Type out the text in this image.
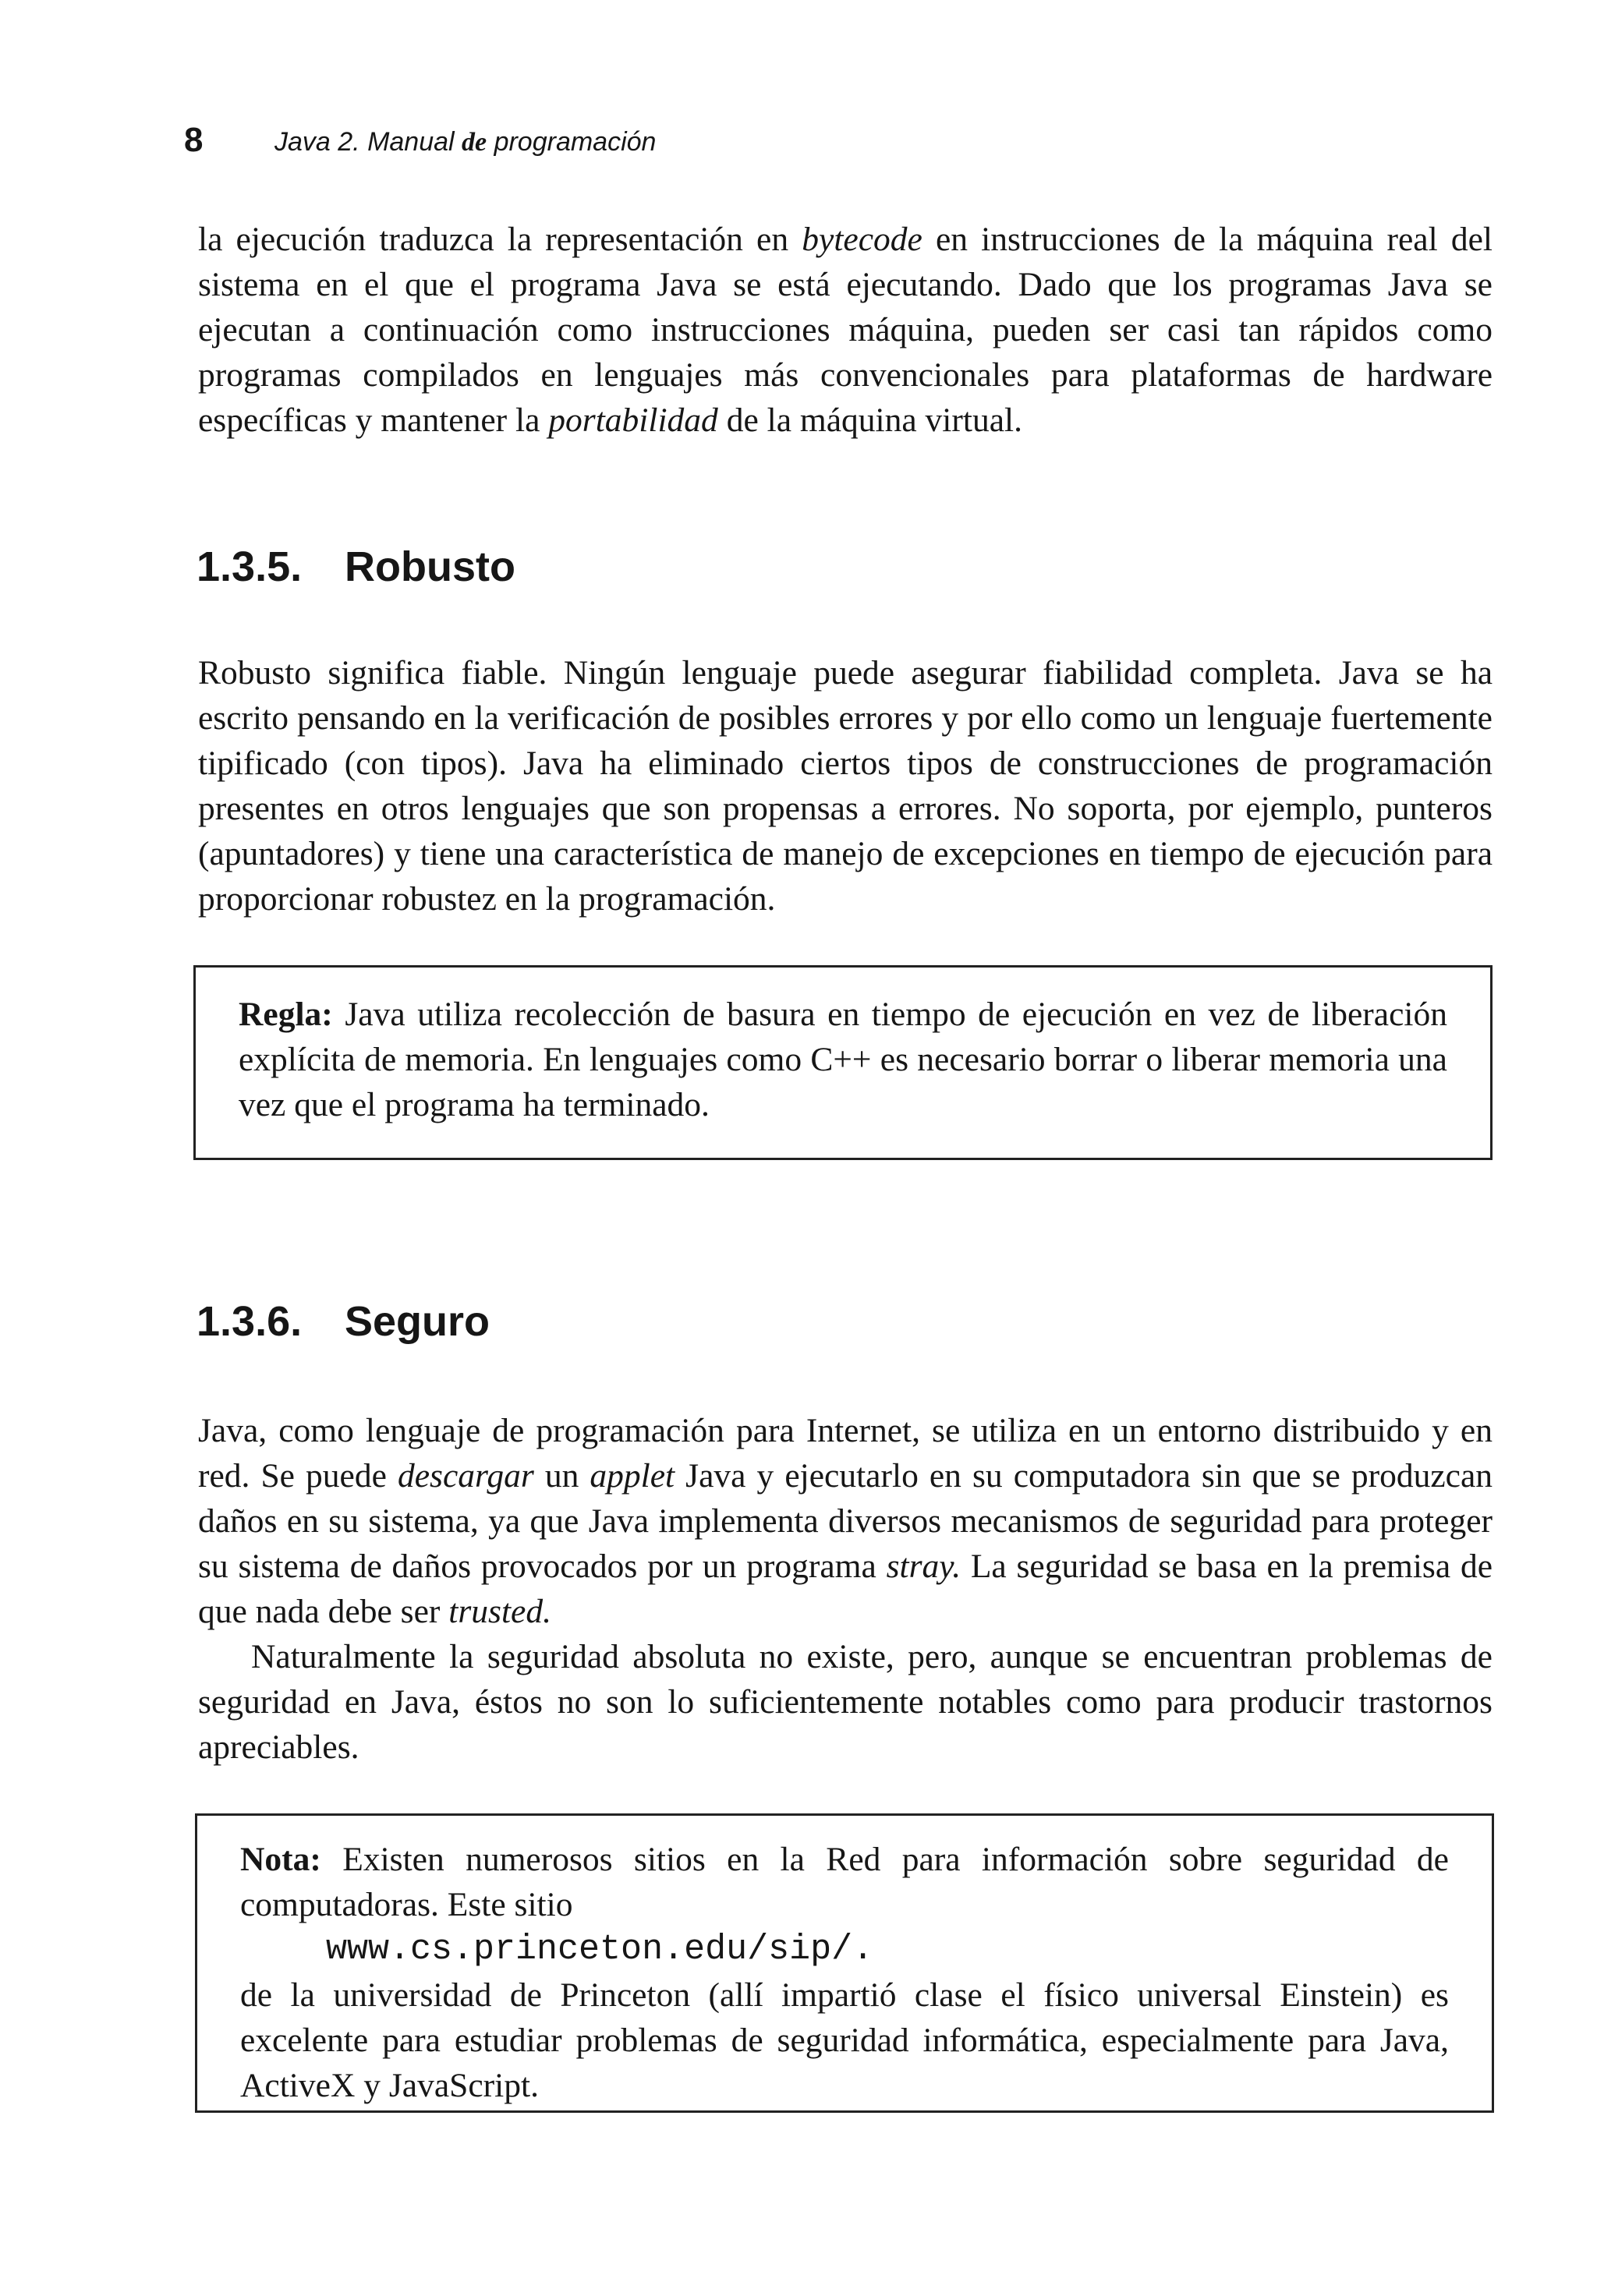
8	Java 2. Manual de programación

la ejecución traduzca la representación en bytecode en instrucciones de la máquina real del sistema en el que el programa Java se está ejecutando. Dado que los programas Java se ejecutan a continuación como instrucciones máquina, pueden ser casi tan rápidos como programas compilados en lenguajes más convencionales para plataformas de hardware específicas y mantener la portabilidad de la máquina virtual.

1.3.5. Robusto

Robusto significa fiable. Ningún lenguaje puede asegurar fiabilidad completa. Java se ha escrito pensando en la verificación de posibles errores y por ello como un lenguaje fuertemente tipificado (con tipos). Java ha eliminado ciertos tipos de construcciones de programación presentes en otros lenguajes que son propensas a errores. No soporta, por ejemplo, punteros (apuntadores) y tiene una característica de manejo de excepciones en tiempo de ejecución para proporcionar robustez en la programación.

Regla: Java utiliza recolección de basura en tiempo de ejecución en vez de liberación explícita de memoria. En lenguajes como C++ es necesario borrar o liberar memoria una vez que el programa ha terminado.

1.3.6. Seguro

Java, como lenguaje de programación para Internet, se utiliza en un entorno distribuido y en red. Se puede descargar un applet Java y ejecutarlo en su computadora sin que se produzcan daños en su sistema, ya que Java implementa diversos mecanismos de seguridad para proteger su sistema de daños provocados por un programa stray. La seguridad se basa en la premisa de que nada debe ser trusted.

Naturalmente la seguridad absoluta no existe, pero, aunque se encuentran problemas de seguridad en Java, éstos no son lo suficientemente notables como para producir trastornos apreciables.

Nota: Existen numerosos sitios en la Red para información sobre seguridad de computadoras. Este sitio
www.cs.princeton.edu/sip/.
de la universidad de Princeton (allí impartió clase el físico universal Einstein) es excelente para estudiar problemas de seguridad informática, especialmente para Java, ActiveX y JavaScript.
